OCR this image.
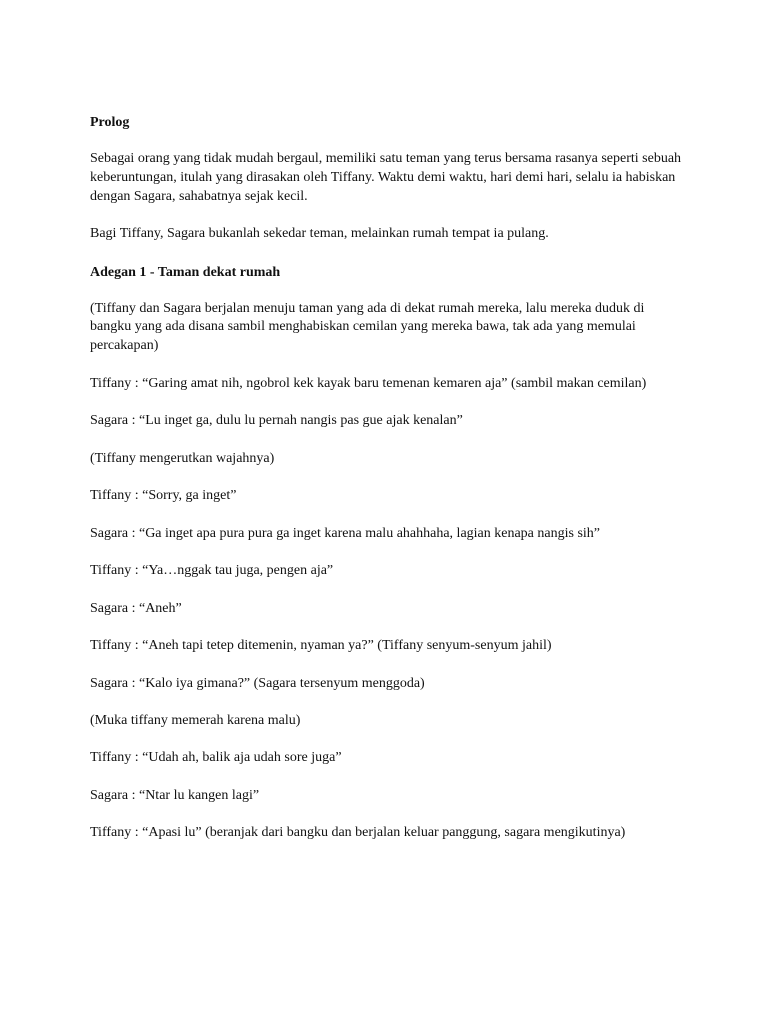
Prolog
Sebagai orang yang tidak mudah bergaul, memiliki satu teman yang terus bersama rasanya seperti sebuah
keberuntungan, itulah yang dirasakan oleh Tiffany. Waktu demi waktu, hari demi hari, selalu ia habiskan
dengan Sagara, sahabatnya sejak kecil.
Bagi Tiffany, Sagara bukanlah sekedar teman, melainkan rumah tempat ia pulang.
Adegan 1 - Taman dekat rumah
(Tiffany dan Sagara berjalan menuju taman yang ada di dekat rumah mereka, lalu mereka duduk di
bangku yang ada disana sambil menghabiskan cemilan yang mereka bawa, tak ada yang memulai
percakapan)
Tiffany : “Garing amat nih, ngobrol kek kayak baru temenan kemaren aja” (sambil makan cemilan)
Sagara : “Lu inget ga, dulu lu pernah nangis pas gue ajak kenalan”
(Tiffany mengerutkan wajahnya)
Tiffany : “Sorry, ga inget”
Sagara : “Ga inget apa pura pura ga inget karena malu ahahhaha, lagian kenapa nangis sih”
Tiffany : “Ya…nggak tau juga, pengen aja”
Sagara : “Aneh”
Tiffany : “Aneh tapi tetep ditemenin, nyaman ya?” (Tiffany senyum-senyum jahil)
Sagara : “Kalo iya gimana?” (Sagara tersenyum menggoda)
(Muka tiffany memerah karena malu)
Tiffany : “Udah ah, balik aja udah sore juga”
Sagara : “Ntar lu kangen lagi”
Tiffany : “Apasi lu” (beranjak dari bangku dan berjalan keluar panggung, sagara mengikutinya)
